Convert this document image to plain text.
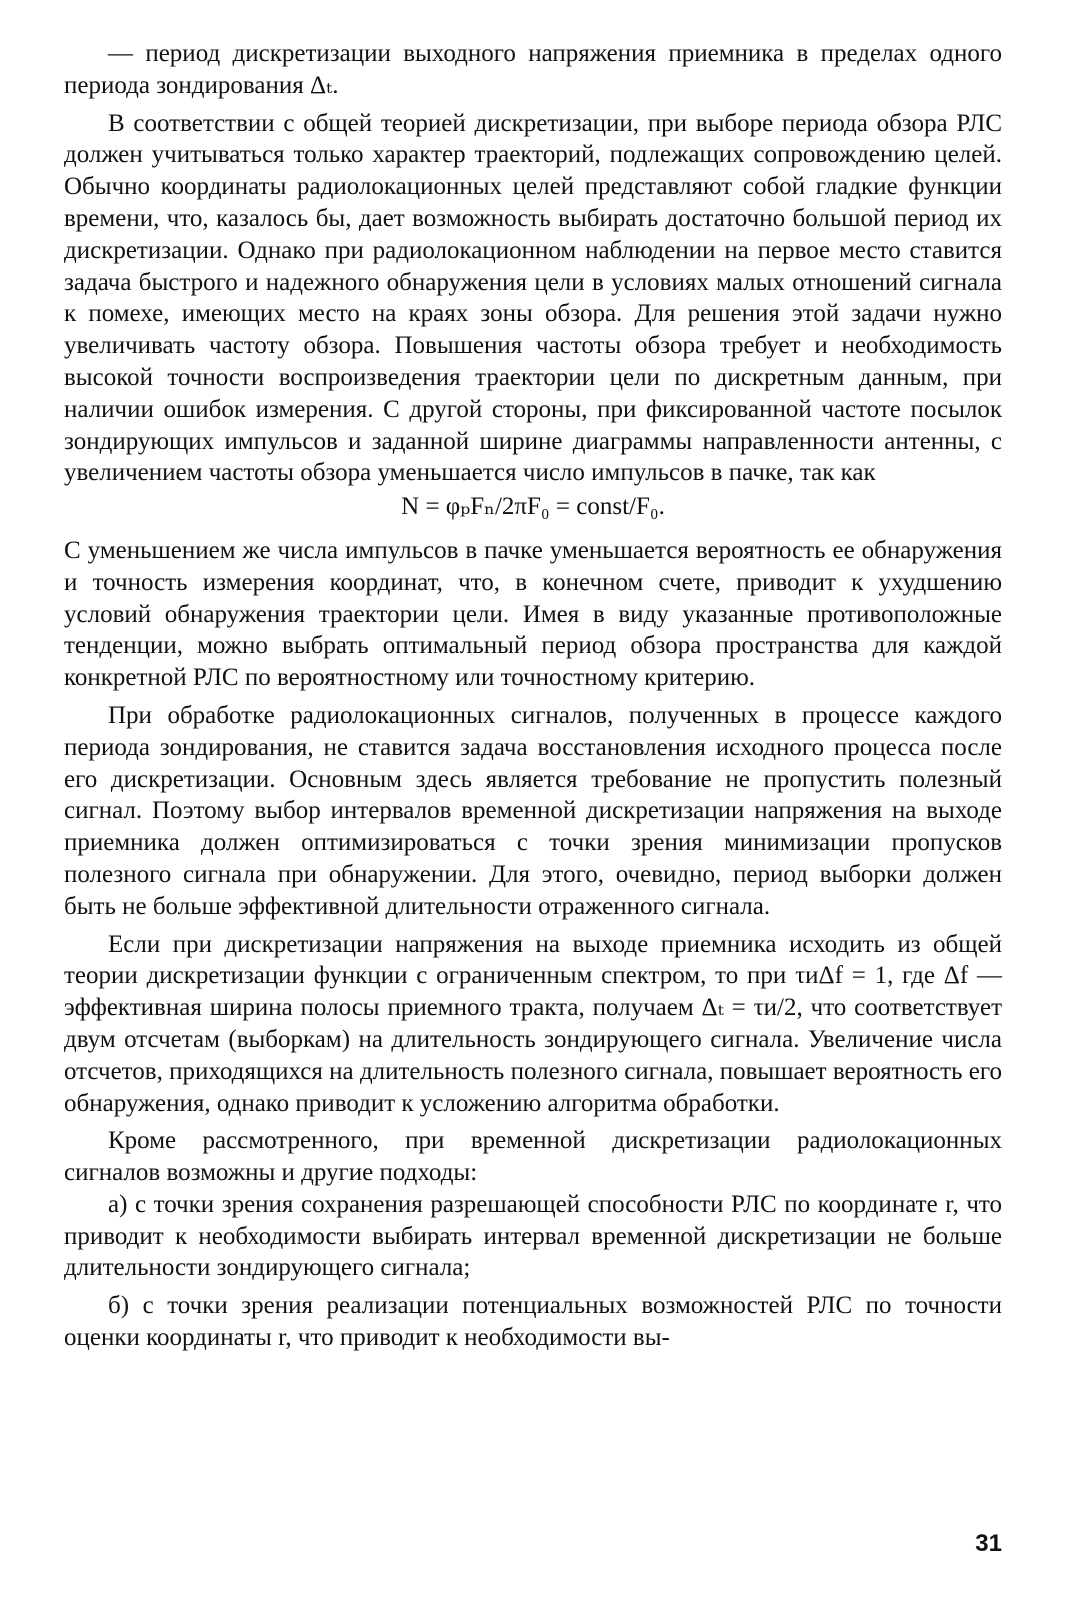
— период дискретизации выходного напряжения приемника в пределах одного периода зондирования Δₜ.

В соответствии с общей теорией дискретизации, при выборе периода обзора РЛС должен учитываться только характер траекторий, подлежащих сопровождению целей. Обычно координаты радиолокационных целей представляют собой гладкие функции времени, что, казалось бы, дает возможность выбирать достаточно большой период их дискретизации. Однако при радиолокационном наблюдении на первое место ставится задача быстрого и надежного обнаружения цели в условиях малых отношений сигнала к помехе, имеющих место на краях зоны обзора. Для решения этой задачи нужно увеличивать частоту обзора. Повышения частоты обзора требует и необходимость высокой точности воспроизведения траектории цели по дискретным данным, при наличии ошибок измерения. С другой стороны, при фиксированной частоте посылок зондирующих импульсов и заданной ширине диаграммы направленности антенны, с увеличением частоты обзора уменьшается число импульсов в пачке, так как

N = φₚFₙ/2πF₀ = const/F₀.

С уменьшением же числа импульсов в пачке уменьшается вероятность ее обнаружения и точность измерения координат, что, в конечном счете, приводит к ухудшению условий обнаружения траектории цели. Имея в виду указанные противоположные тенденции, можно выбрать оптимальный период обзора пространства для каждой конкретной РЛС по вероятностному или точностному критерию.

При обработке радиолокационных сигналов, полученных в процессе каждого периода зондирования, не ставится задача восстановления исходного процесса после его дискретизации. Основным здесь является требование не пропустить полезный сигнал. Поэтому выбор интервалов временной дискретизации напряжения на выходе приемника должен оптимизироваться с точки зрения минимизации пропусков полезного сигнала при обнаружении. Для этого, очевидно, период выборки должен быть не больше эффективной длительности отраженного сигнала.

Если при дискретизации напряжения на выходе приемника исходить из общей теории дискретизации функции с ограниченным спектром, то при τиΔf = 1, где Δf — эффективная ширина полосы приемного тракта, получаем Δₜ = τи/2, что соответствует двум отсчетам (выборкам) на длительность зондирующего сигнала. Увеличение числа отсчетов, приходящихся на длительность полезного сигнала, повышает вероятность его обнаружения, однако приводит к усложению алгоритма обработки.

Кроме рассмотренного, при временной дискретизации радиолокационных сигналов возможны и другие подходы:

а) с точки зрения сохранения разрешающей способности РЛС по координате r, что приводит к необходимости выбирать интервал временной дискретизации не больше длительности зондирующего сигнала;

б) с точки зрения реализации потенциальных возможностей РЛС по точности оценки координаты r, что приводит к необходимости вы-

31
